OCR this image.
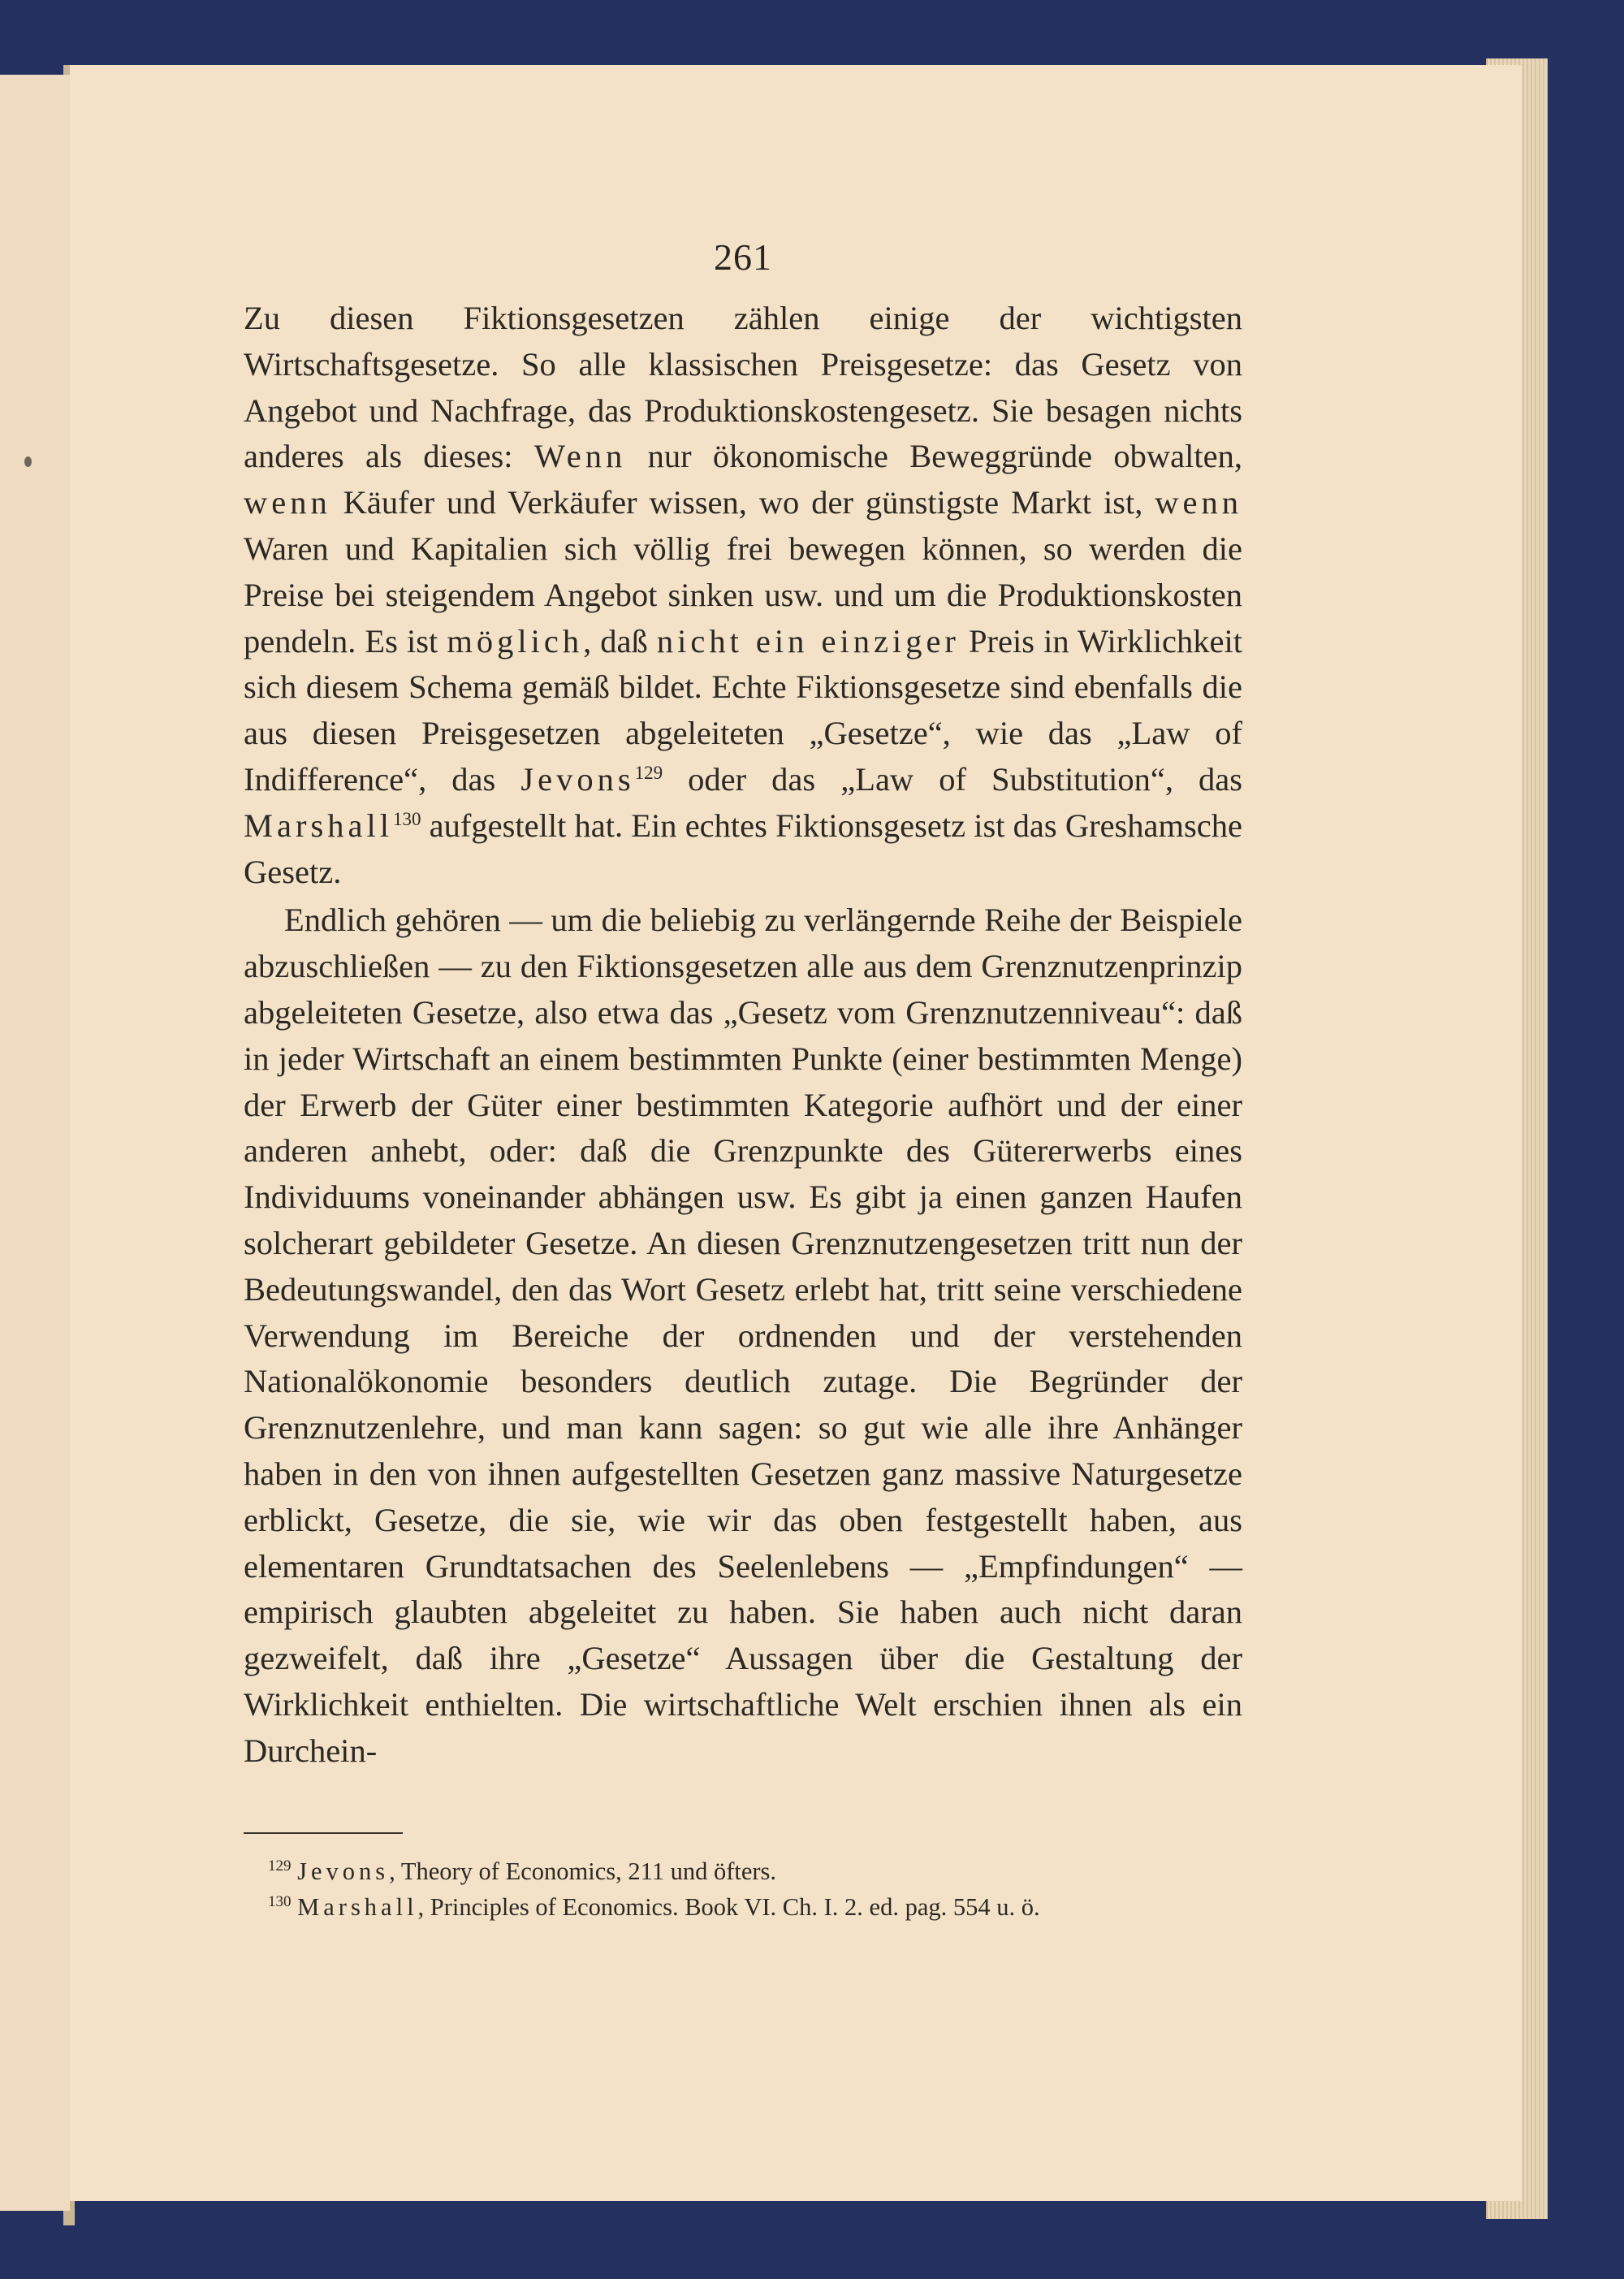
261

Zu diesen Fiktionsgesetzen zählen einige der wichtigsten Wirtschaftsgesetze. So alle klassischen Preisgesetze: das Gesetz von Angebot und Nachfrage, das Produktionskostengesetz. Sie besagen nichts anderes als dieses: Wenn nur ökonomische Beweggründe obwalten, wenn Käufer und Verkäufer wissen, wo der günstigste Markt ist, wenn Waren und Kapitalien sich völlig frei bewegen können, so werden die Preise bei steigendem Angebot sinken usw. und um die Produktionskosten pendeln. Es ist möglich, daß nicht ein einziger Preis in Wirklichkeit sich diesem Schema gemäß bildet. Echte Fiktionsgesetze sind ebenfalls die aus diesen Preisgesetzen abgeleiteten „Gesetze“, wie das „Law of Indifference“, das Jevons$^{129}$ oder das „Law of Substitution“, das Marshall$^{130}$ aufgestellt hat. Ein echtes Fiktionsgesetz ist das Greshamsche Gesetz.

Endlich gehören — um die beliebig zu verlängernde Reihe der Beispiele abzuschließen — zu den Fiktionsgesetzen alle aus dem Grenznutzenprinzip abgeleiteten Gesetze, also etwa das „Gesetz vom Grenznutzenniveau“: daß in jeder Wirtschaft an einem bestimmten Punkte (einer bestimmten Menge) der Erwerb der Güter einer bestimmten Kategorie aufhört und der einer anderen anhebt, oder: daß die Grenzpunkte des Gütererwerbs eines Individuums voneinander abhängen usw. Es gibt ja einen ganzen Haufen solcherart gebildeter Gesetze. An diesen Grenznutzengesetzen tritt nun der Bedeutungswandel, den das Wort Gesetz erlebt hat, tritt seine verschiedene Verwendung im Bereiche der ordnenden und der verstehenden Nationalökonomie besonders deutlich zutage. Die Begründer der Grenznutzenlehre, und man kann sagen: so gut wie alle ihre Anhänger haben in den von ihnen aufgestellten Gesetzen ganz massive Naturgesetze erblickt, Gesetze, die sie, wie wir das oben festgestellt haben, aus elementaren Grundtatsachen des Seelenlebens — „Empfindungen“ — empirisch glaubten abgeleitet zu haben. Sie haben auch nicht daran gezweifelt, daß ihre „Gesetze“ Aussagen über die Gestaltung der Wirklichkeit enthielten. Die wirtschaftliche Welt erschien ihnen als ein Durchein-

$^{129}$ Jevons, Theory of Economics, 211 und öfters.
$^{130}$ Marshall, Principles of Economics. Book VI. Ch. I. 2. ed. pag. 554 u. ö.
